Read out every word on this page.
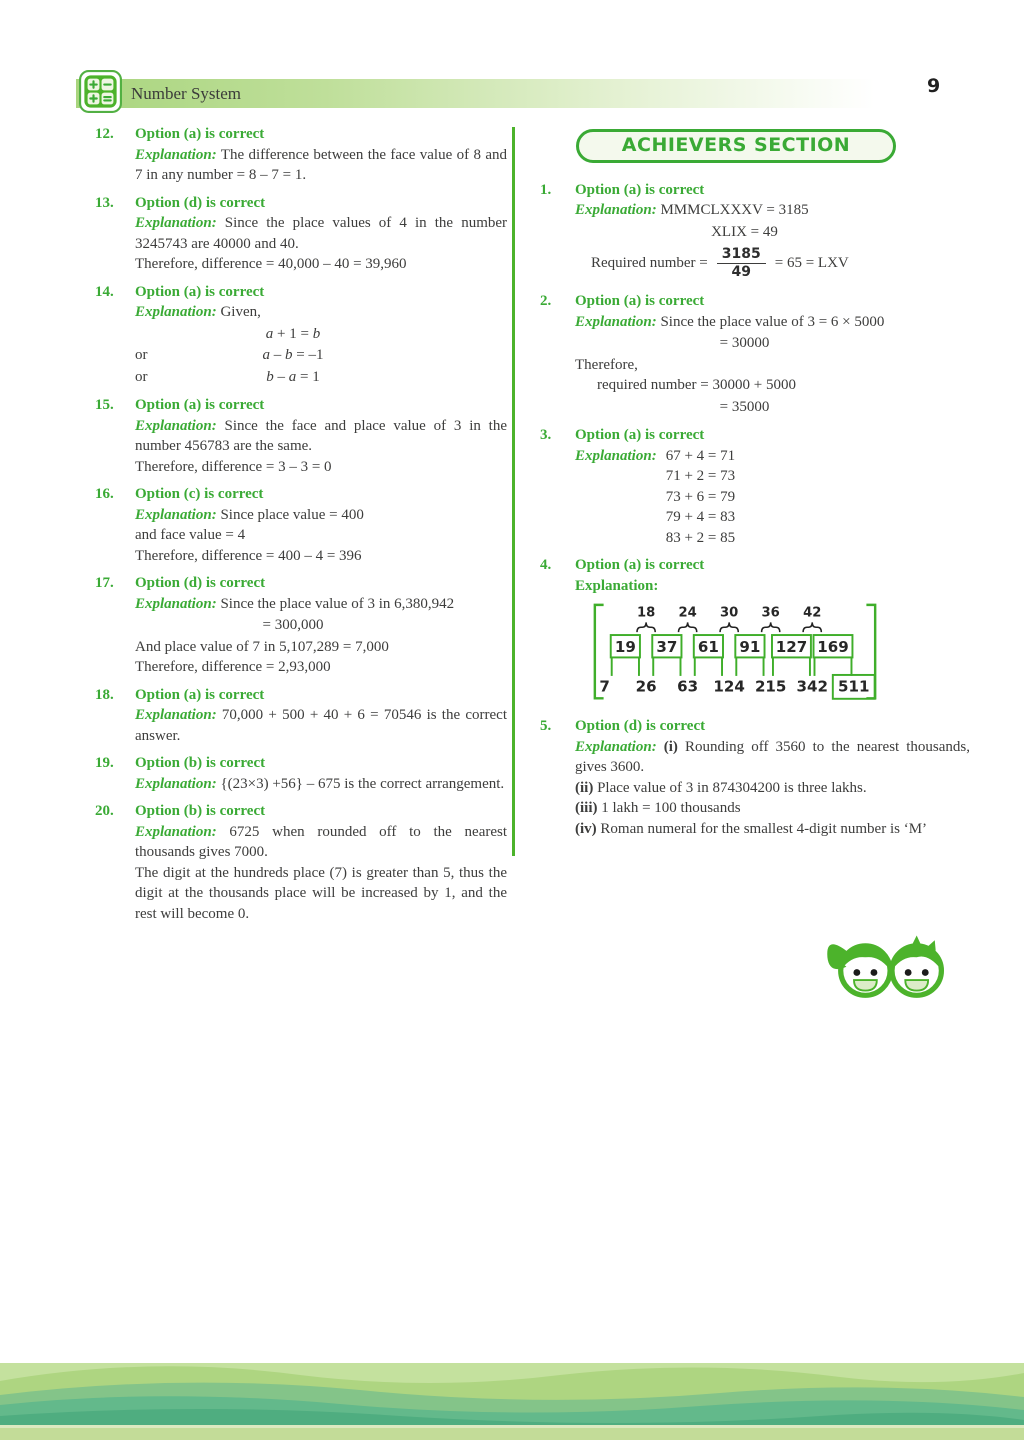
Number System	9
12.	Option (a) is correct

Explanation: The difference between the face value of 8 and 7 in any number = 8 – 7 = 1.

13.	Option (d) is correct

Explanation: Since the place values of 4 in the number 3245743 are 40000 and 40.

Therefore, difference = 40,000 – 40 = 39,960

14.	Option (a) is correct

Explanation: Given,

a + 1 = b
or	a – b = –1
or	b – a = 1
15.	Option (a) is correct

Explanation: Since the face and place value of 3 in the number 456783 are the same.

Therefore, difference = 3 – 3 = 0

16.	Option (c) is correct

Explanation: Since place value = 400

and face value = 4

Therefore, difference = 400 – 4 = 396

17.	Option (d) is correct

Explanation: Since the place value of 3 in 6,380,942

= 300,000

And place value of 7 in 5,107,289 = 7,000

Therefore, difference = 2,93,000

18.	Option (a) is correct

Explanation: 70,000 + 500 + 40 + 6 = 70546 is the correct answer.

19.	Option (b) is correct

Explanation: {(23×3) +56} – 675 is the correct arrangement.

20.	Option (b) is correct

Explanation: 6725 when rounded off to the nearest thousands gives 7000.

The digit at the hundreds place (7) is greater than 5, thus the digit at the thousands place will be increased by 1, and the rest will become 0.

ACHIEVERS SECTION
1.	Option (a) is correct

Explanation: MMMCLXXXV = 3185

XLIX = 49
Required number = $\frac{3185}{49} = 65$ = LXV
2.	Option (a) is correct

Explanation: Since the place value of 3 = 6 × 5000

= 30000

Therefore,

required number = 30000 + 5000

= 35000
3.	Option (a) is correct

Explanation: 67 + 4 = 71
71 + 2 = 73
73 + 6 = 79
79 + 4 = 83
83 + 2 = 85
4.	Option (a) is correct

Explanation:

18 24 30 36 42
19 37 61 91 127 169
7 26 63 124 215 342 511
5.	Option (d) is correct

Explanation: (i) Rounding off 3560 to the nearest thousands, gives 3600.

(ii) Place value of 3 in 874304200 is three lakhs.

(iii) 1 lakh = 100 thousands

(iv) Roman numeral for the smallest 4-digit number is ‘M’
